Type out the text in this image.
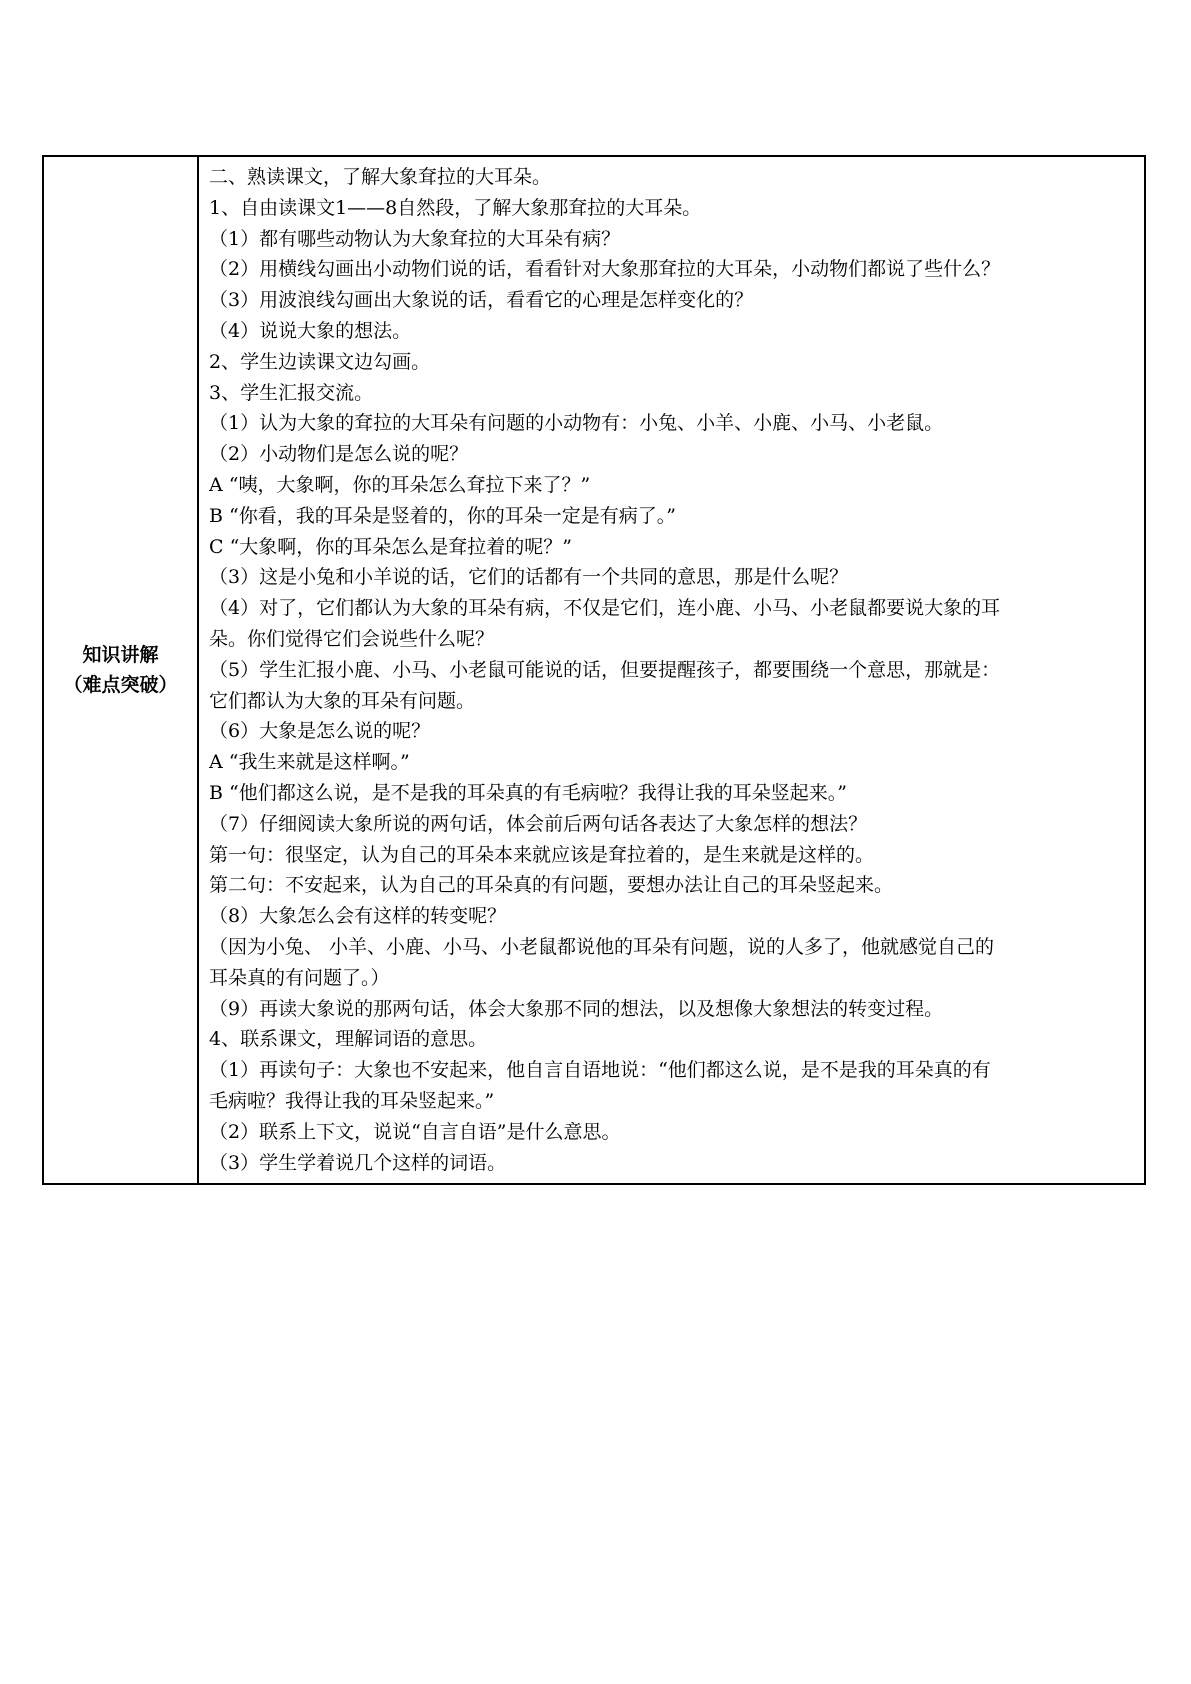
知识讲解
（难点突破）
二、熟读课文，了解大象耷拉的大耳朵。
1、自由读课文1——8自然段，了解大象那耷拉的大耳朵。
（1）都有哪些动物认为大象耷拉的大耳朵有病？
（2）用横线勾画出小动物们说的话，看看针对大象那耷拉的大耳朵，小动物们都说了些什么？
（3）用波浪线勾画出大象说的话，看看它的心理是怎样变化的？
（4）说说大象的想法。
2、学生边读课文边勾画。
3、学生汇报交流。
（1）认为大象的耷拉的大耳朵有问题的小动物有：小兔、小羊、小鹿、小马、小老鼠。
（2）小动物们是怎么说的呢？
A “咦，大象啊，你的耳朵怎么耷拉下来了？”
B “你看，我的耳朵是竖着的，你的耳朵一定是有病了。”
C “大象啊，你的耳朵怎么是耷拉着的呢？”
（3）这是小兔和小羊说的话，它们的话都有一个共同的意思，那是什么呢？
（4）对了，它们都认为大象的耳朵有病，不仅是它们，连小鹿、小马、小老鼠都要说大象的耳
朵。你们觉得它们会说些什么呢？
（5）学生汇报小鹿、小马、小老鼠可能说的话，但要提醒孩子，都要围绕一个意思，那就是：
它们都认为大象的耳朵有问题。
（6）大象是怎么说的呢？
A “我生来就是这样啊。”
B “他们都这么说，是不是我的耳朵真的有毛病啦？我得让我的耳朵竖起来。”
（7）仔细阅读大象所说的两句话，体会前后两句话各表达了大象怎样的想法？
第一句：很坚定，认为自己的耳朵本来就应该是耷拉着的，是生来就是这样的。
第二句：不安起来，认为自己的耳朵真的有问题，要想办法让自己的耳朵竖起来。
（8）大象怎么会有这样的转变呢？
（因为小兔、 小羊、小鹿、小马、小老鼠都说他的耳朵有问题，说的人多了，他就感觉自己的
耳朵真的有问题了。）
（9）再读大象说的那两句话，体会大象那不同的想法，以及想像大象想法的转变过程。
4、联系课文，理解词语的意思。
（1）再读句子：大象也不安起来，他自言自语地说：“他们都这么说，是不是我的耳朵真的有
毛病啦？我得让我的耳朵竖起来。”
（2）联系上下文，说说“自言自语”是什么意思。
（3）学生学着说几个这样的词语。
